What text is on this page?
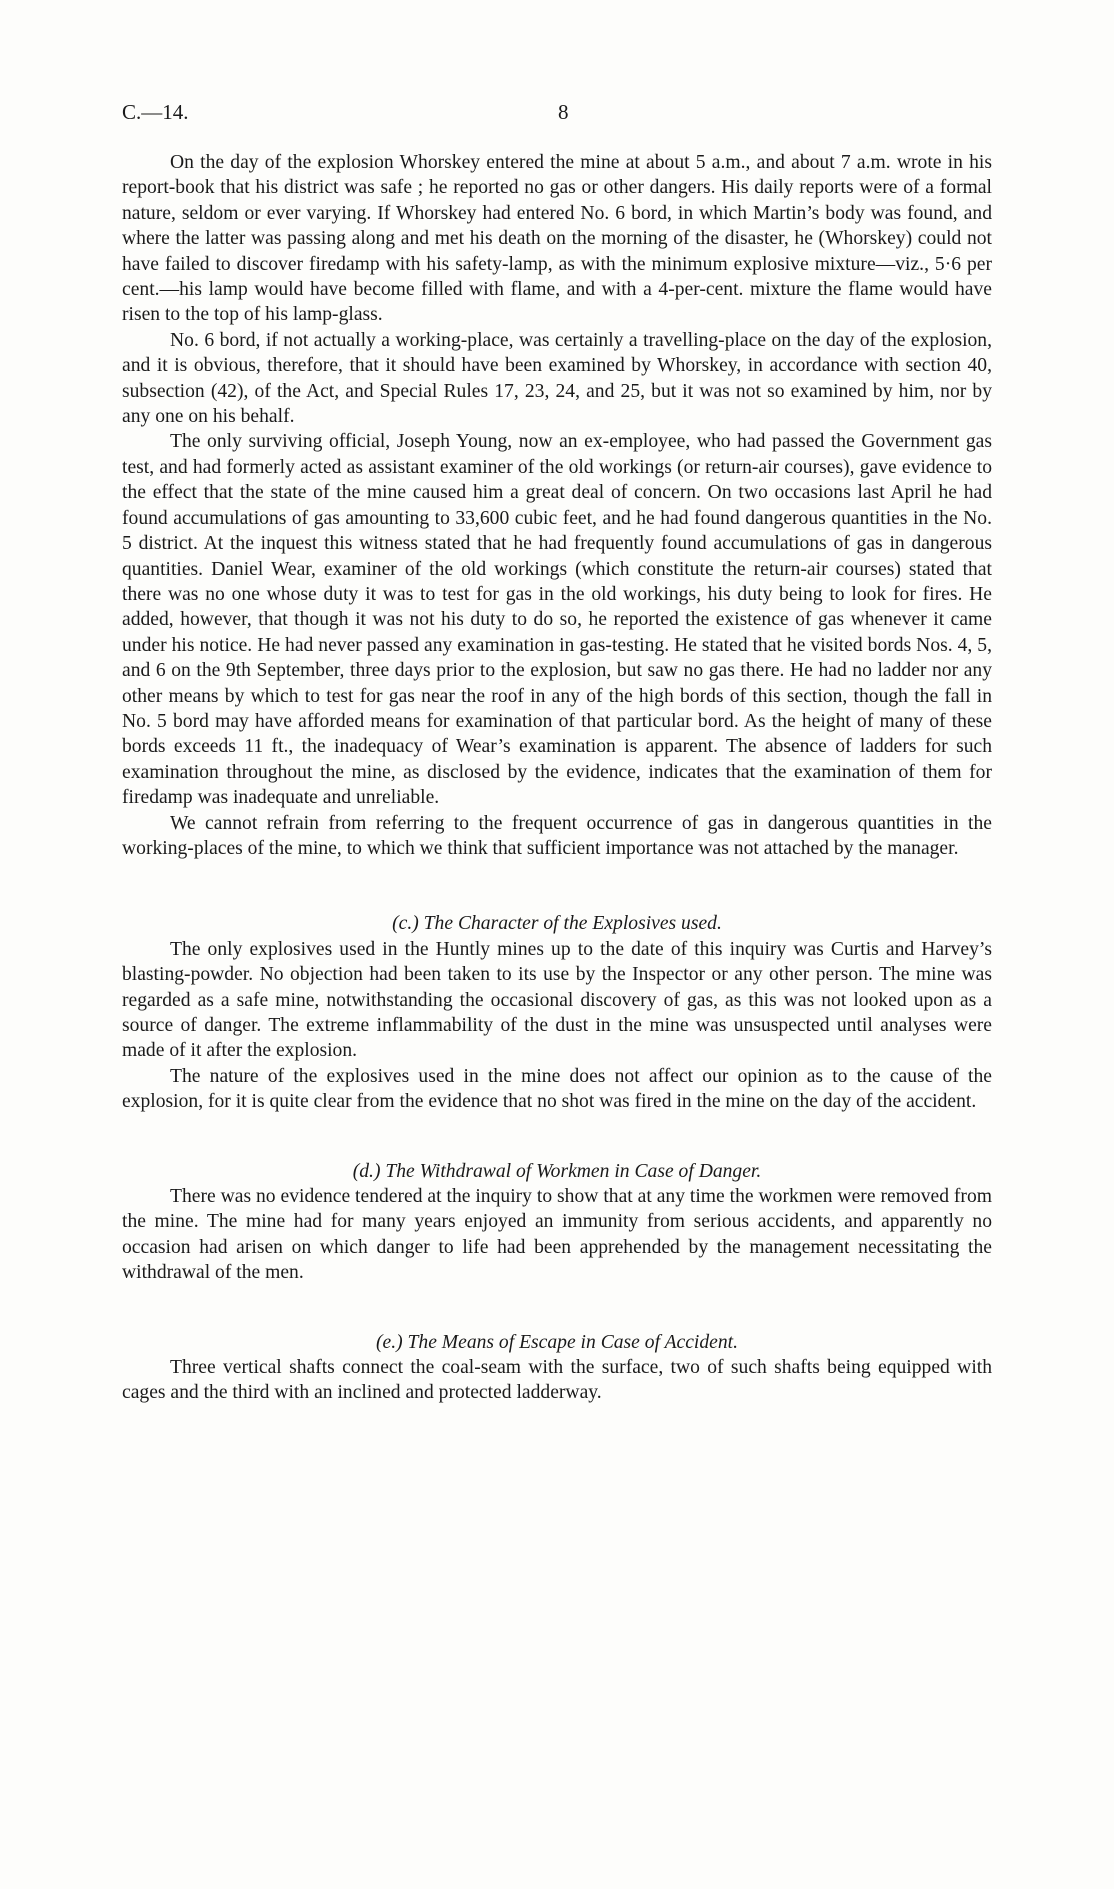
C.—14.	8

On the day of the explosion Whorskey entered the mine at about 5 a.m., and about 7 a.m. wrote in his report-book that his district was safe ; he reported no gas or other dangers. His daily reports were of a formal nature, seldom or ever varying. If Whorskey had entered No. 6 bord, in which Martin’s body was found, and where the latter was passing along and met his death on the morning of the disaster, he (Whorskey) could not have failed to discover firedamp with his safety-lamp, as with the minimum explosive mixture—viz., 5·6 per cent.—his lamp would have become filled with flame, and with a 4-per-cent. mixture the flame would have risen to the top of his lamp-glass.

No. 6 bord, if not actually a working-place, was certainly a travelling-place on the day of the explosion, and it is obvious, therefore, that it should have been examined by Whorskey, in accordance with section 40, subsection (42), of the Act, and Special Rules 17, 23, 24, and 25, but it was not so examined by him, nor by any one on his behalf.

The only surviving official, Joseph Young, now an ex-employee, who had passed the Government gas test, and had formerly acted as assistant examiner of the old workings (or return-air courses), gave evidence to the effect that the state of the mine caused him a great deal of concern. On two occasions last April he had found accumulations of gas amounting to 33,600 cubic feet, and he had found dangerous quantities in the No. 5 district. At the inquest this witness stated that he had frequently found accumulations of gas in dangerous quantities. Daniel Wear, examiner of the old workings (which constitute the return-air courses) stated that there was no one whose duty it was to test for gas in the old workings, his duty being to look for fires. He added, however, that though it was not his duty to do so, he reported the existence of gas whenever it came under his notice. He had never passed any examination in gas-testing. He stated that he visited bords Nos. 4, 5, and 6 on the 9th September, three days prior to the explosion, but saw no gas there. He had no ladder nor any other means by which to test for gas near the roof in any of the high bords of this section, though the fall in No. 5 bord may have afforded means for examination of that particular bord. As the height of many of these bords exceeds 11 ft., the inadequacy of Wear’s examination is apparent. The absence of ladders for such examination throughout the mine, as disclosed by the evidence, indicates that the examination of them for firedamp was inadequate and unreliable.

We cannot refrain from referring to the frequent occurrence of gas in dangerous quantities in the working-places of the mine, to which we think that sufficient importance was not attached by the manager.

(c.) The Character of the Explosives used.

The only explosives used in the Huntly mines up to the date of this inquiry was Curtis and Harvey’s blasting-powder. No objection had been taken to its use by the Inspector or any other person. The mine was regarded as a safe mine, notwithstanding the occasional discovery of gas, as this was not looked upon as a source of danger. The extreme inflammability of the dust in the mine was unsuspected until analyses were made of it after the explosion.

The nature of the explosives used in the mine does not affect our opinion as to the cause of the explosion, for it is quite clear from the evidence that no shot was fired in the mine on the day of the accident.

(d.) The Withdrawal of Workmen in Case of Danger.

There was no evidence tendered at the inquiry to show that at any time the workmen were removed from the mine. The mine had for many years enjoyed an immunity from serious accidents, and apparently no occasion had arisen on which danger to life had been apprehended by the management necessitating the withdrawal of the men.

(e.) The Means of Escape in Case of Accident.

Three vertical shafts connect the coal-seam with the surface, two of such shafts being equipped with cages and the third with an inclined and protected ladderway.
